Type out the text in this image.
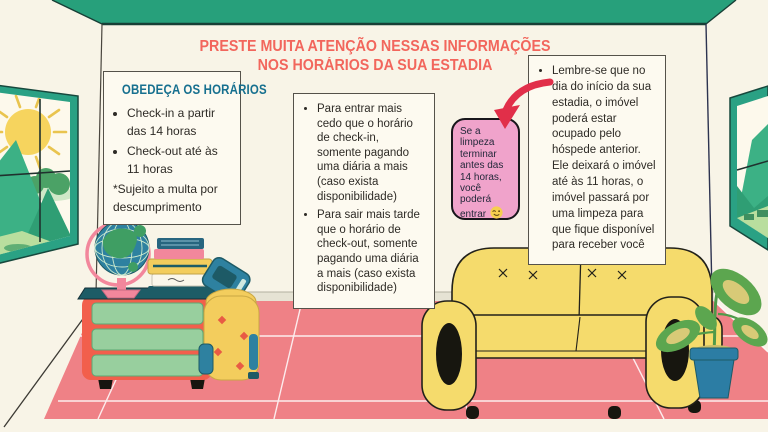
PRESTE MUITA ATENÇÃO NESSAS INFORMAÇÕES
NOS HORÁRIOS DA SUA ESTADIA
OBEDEÇA OS HORÁRIOS
• Check-in a partir das 14 horas
• Check-out até às 11 horas
*Sujeito a multa por descumprimento
• Para entrar mais cedo que o horário de check-in, somente pagando uma diária a mais (caso exista disponibilidade)
• Para sair mais tarde que o horário de check-out, somente pagando uma diária a mais (caso exista disponibilidade)
• Lembre-se que no dia do início da sua estadia, o imóvel poderá estar ocupado pelo hóspede anterior. Ele deixará o imóvel até às 11 horas, o imóvel passará por uma limpeza para que fique disponível para receber você
Se a limpeza terminar antes das 14 horas, você poderá entrar
